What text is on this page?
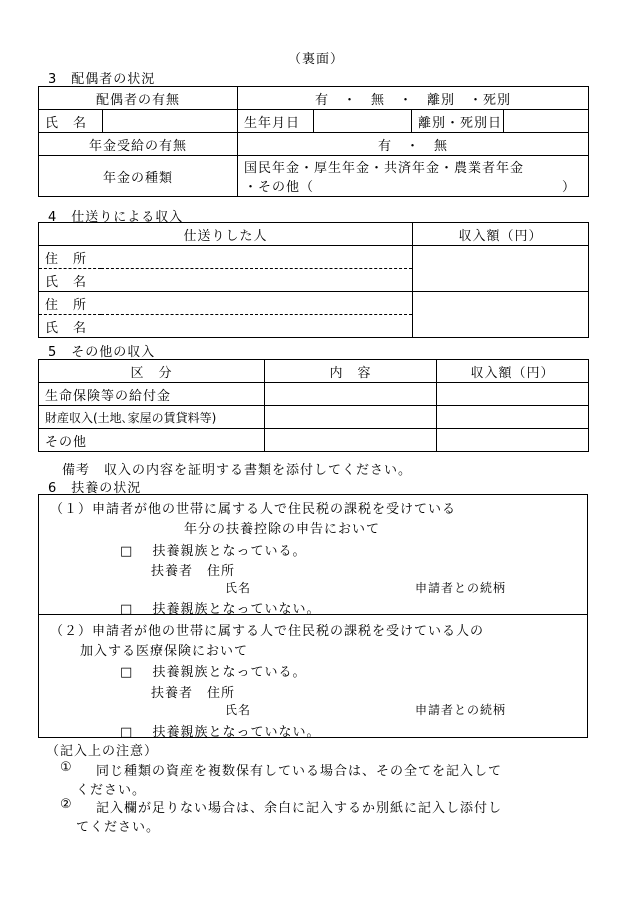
（裏面）
3　配偶者の状況
配偶者の有無		有　・　無　・　離別　・死別			
氏　名		生年月日		離別・死別日	
年金受給の有無		有　・　無			
年金の種類		国民年金・厚生年金・共済年金・農業者年金
・その他（ ）			
4　仕送りによる収入
仕送りした人		収入額（円）
住　所		
氏　名		
住　所		
氏　名		
5　その他の収入
区　分	内　容	収入額（円）
生命保険等の給付金		
財産収入(土地､家屋の賃貸料等)		
その他		
備考　収入の内容を証明する書類を添付してください。
6　扶養の状況
（１）申請者が他の世帯に属する人で住民税の課税を受けている
年分の扶養控除の申告において
□ 扶養親族となっている。
扶養者　住所
氏名	申請者との続柄
□ 扶養親族となっていない。
（２）申請者が他の世帯に属する人で住民税の課税を受けている人の
加入する医療保険において
□ 扶養親族となっている。
扶養者　住所
氏名	申請者との続柄
□ 扶養親族となっていない。
（記入上の注意）
① 同じ種類の資産を複数保有している場合は、その全てを記入して
ください。
② 記入欄が足りない場合は、余白に記入するか別紙に記入し添付し
てください。
